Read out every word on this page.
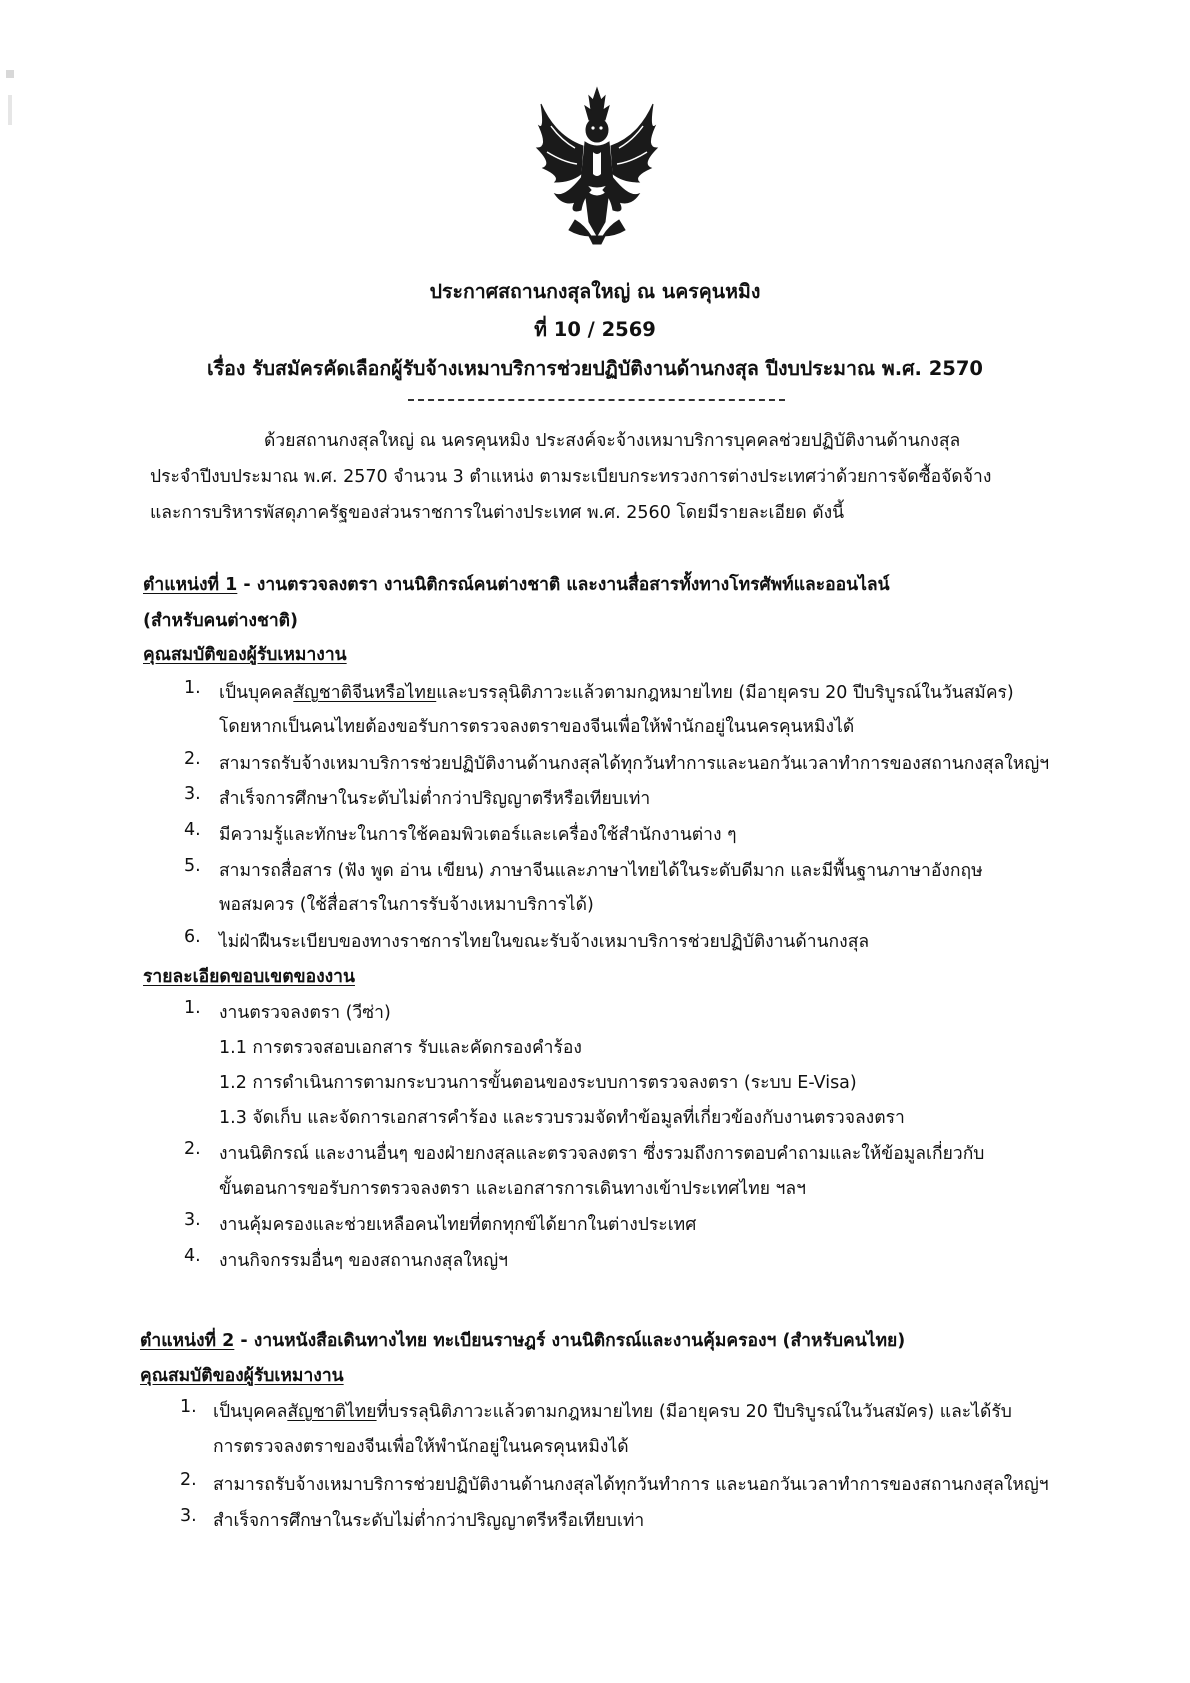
ประกาศสถานกงสุลใหญ่ ณ นครคุนหมิง
ที่ 10 / 2569
เรื่อง รับสมัครคัดเลือกผู้รับจ้างเหมาบริการช่วยปฏิบัติงานด้านกงสุล ปีงบประมาณ พ.ศ. 2570
ด้วยสถานกงสุลใหญ่ ณ นครคุนหมิง ประสงค์จะจ้างเหมาบริการบุคคลช่วยปฏิบัติงานด้านกงสุล
ประจำปีงบประมาณ พ.ศ. 2570 จำนวน 3 ตำแหน่ง ตามระเบียบกระทรวงการต่างประเทศว่าด้วยการจัดซื้อจัดจ้าง
และการบริหารพัสดุภาครัฐของส่วนราชการในต่างประเทศ พ.ศ. 2560 โดยมีรายละเอียด ดังนี้
ตำแหน่งที่ 1 - งานตรวจลงตรา งานนิติกรณ์คนต่างชาติ และงานสื่อสารทั้งทางโทรศัพท์และออนไลน์
(สำหรับคนต่างชาติ)
คุณสมบัติของผู้รับเหมางาน
1. เป็นบุคคลสัญชาติจีนหรือไทยและบรรลุนิติภาวะแล้วตามกฎหมายไทย (มีอายุครบ 20 ปีบริบูรณ์ในวันสมัคร)
โดยหากเป็นคนไทยต้องขอรับการตรวจลงตราของจีนเพื่อให้พำนักอยู่ในนครคุนหมิงได้
2. สามารถรับจ้างเหมาบริการช่วยปฏิบัติงานด้านกงสุลได้ทุกวันทำการและนอกวันเวลาทำการของสถานกงสุลใหญ่ฯ
3. สำเร็จการศึกษาในระดับไม่ต่ำกว่าปริญญาตรีหรือเทียบเท่า
4. มีความรู้และทักษะในการใช้คอมพิวเตอร์และเครื่องใช้สำนักงานต่าง ๆ
5. สามารถสื่อสาร (ฟัง พูด อ่าน เขียน) ภาษาจีนและภาษาไทยได้ในระดับดีมาก และมีพื้นฐานภาษาอังกฤษ
พอสมควร (ใช้สื่อสารในการรับจ้างเหมาบริการได้)
6. ไม่ฝ่าฝืนระเบียบของทางราชการไทยในขณะรับจ้างเหมาบริการช่วยปฏิบัติงานด้านกงสุล
รายละเอียดขอบเขตของงาน
1. งานตรวจลงตรา (วีซ่า)
1.1 การตรวจสอบเอกสาร รับและคัดกรองคำร้อง
1.2 การดำเนินการตามกระบวนการขั้นตอนของระบบการตรวจลงตรา (ระบบ E-Visa)
1.3 จัดเก็บ และจัดการเอกสารคำร้อง และรวบรวมจัดทำข้อมูลที่เกี่ยวข้องกับงานตรวจลงตรา
2. งานนิติกรณ์ และงานอื่นๆ ของฝ่ายกงสุลและตรวจลงตรา ซึ่งรวมถึงการตอบคำถามและให้ข้อมูลเกี่ยวกับ
ขั้นตอนการขอรับการตรวจลงตรา และเอกสารการเดินทางเข้าประเทศไทย ฯลฯ
3. งานคุ้มครองและช่วยเหลือคนไทยที่ตกทุกข์ได้ยากในต่างประเทศ
4. งานกิจกรรมอื่นๆ ของสถานกงสุลใหญ่ฯ
ตำแหน่งที่ 2 - งานหนังสือเดินทางไทย ทะเบียนราษฎร์ งานนิติกรณ์และงานคุ้มครองฯ (สำหรับคนไทย)
คุณสมบัติของผู้รับเหมางาน
1. เป็นบุคคลสัญชาติไทยที่บรรลุนิติภาวะแล้วตามกฎหมายไทย (มีอายุครบ 20 ปีบริบูรณ์ในวันสมัคร) และได้รับ
การตรวจลงตราของจีนเพื่อให้พำนักอยู่ในนครคุนหมิงได้
2. สามารถรับจ้างเหมาบริการช่วยปฏิบัติงานด้านกงสุลได้ทุกวันทำการ และนอกวันเวลาทำการของสถานกงสุลใหญ่ฯ
3. สำเร็จการศึกษาในระดับไม่ต่ำกว่าปริญญาตรีหรือเทียบเท่า
